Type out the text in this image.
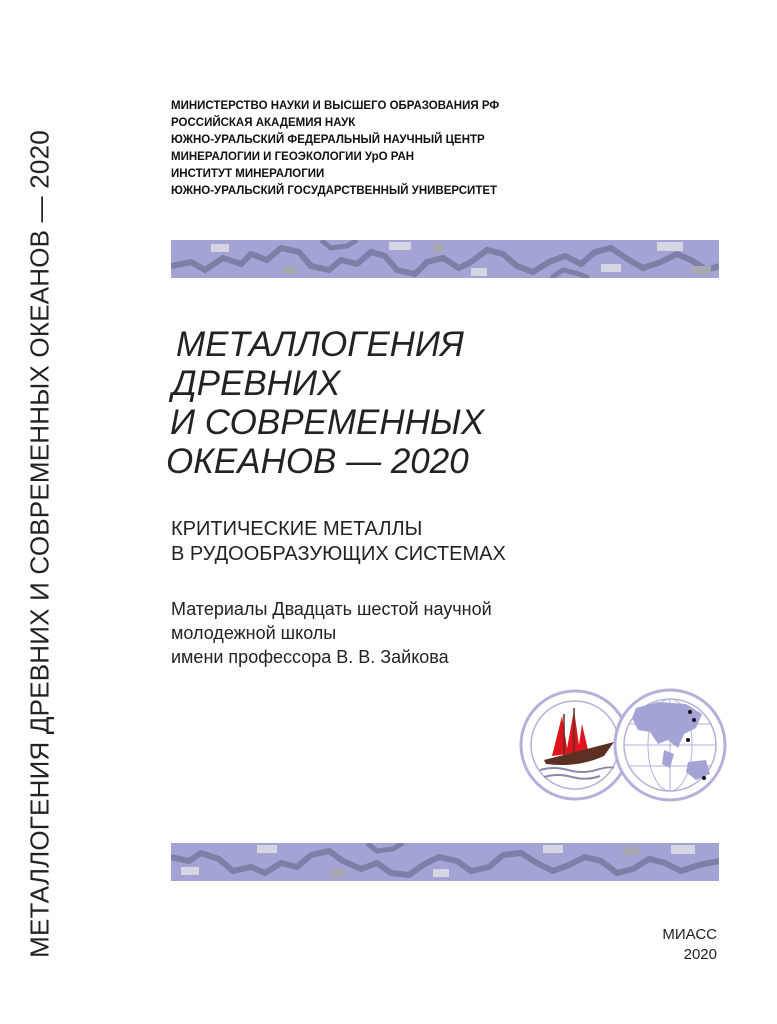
МЕТАЛЛОГЕНИЯ ДРЕВНИХ И СОВРЕМЕННЫХ ОКЕАНОВ — 2020
МИНИСТЕРСТВО НАУКИ И ВЫСШЕГО ОБРАЗОВАНИЯ РФ
РОССИЙСКАЯ АКАДЕМИЯ НАУК
ЮЖНО-УРАЛЬСКИЙ ФЕДЕРАЛЬНЫЙ НАУЧНЫЙ ЦЕНТР
МИНЕРАЛОГИИ И ГЕОЭКОЛОГИИ УрО РАН
ИНСТИТУТ МИНЕРАЛОГИИ
ЮЖНО-УРАЛЬСКИЙ ГОСУДАРСТВЕННЫЙ УНИВЕРСИТЕТ
МЕТАЛЛОГЕНИЯ
ДРЕВНИХ
И СОВРЕМЕННЫХ
ОКЕАНОВ — 2020
КРИТИЧЕСКИЕ МЕТАЛЛЫ
В РУДООБРАЗУЮЩИХ СИСТЕМАХ
Материалы Двадцать шестой научной
молодежной школы
имени профессора В. В. Зайкова
МИАСС
2020
